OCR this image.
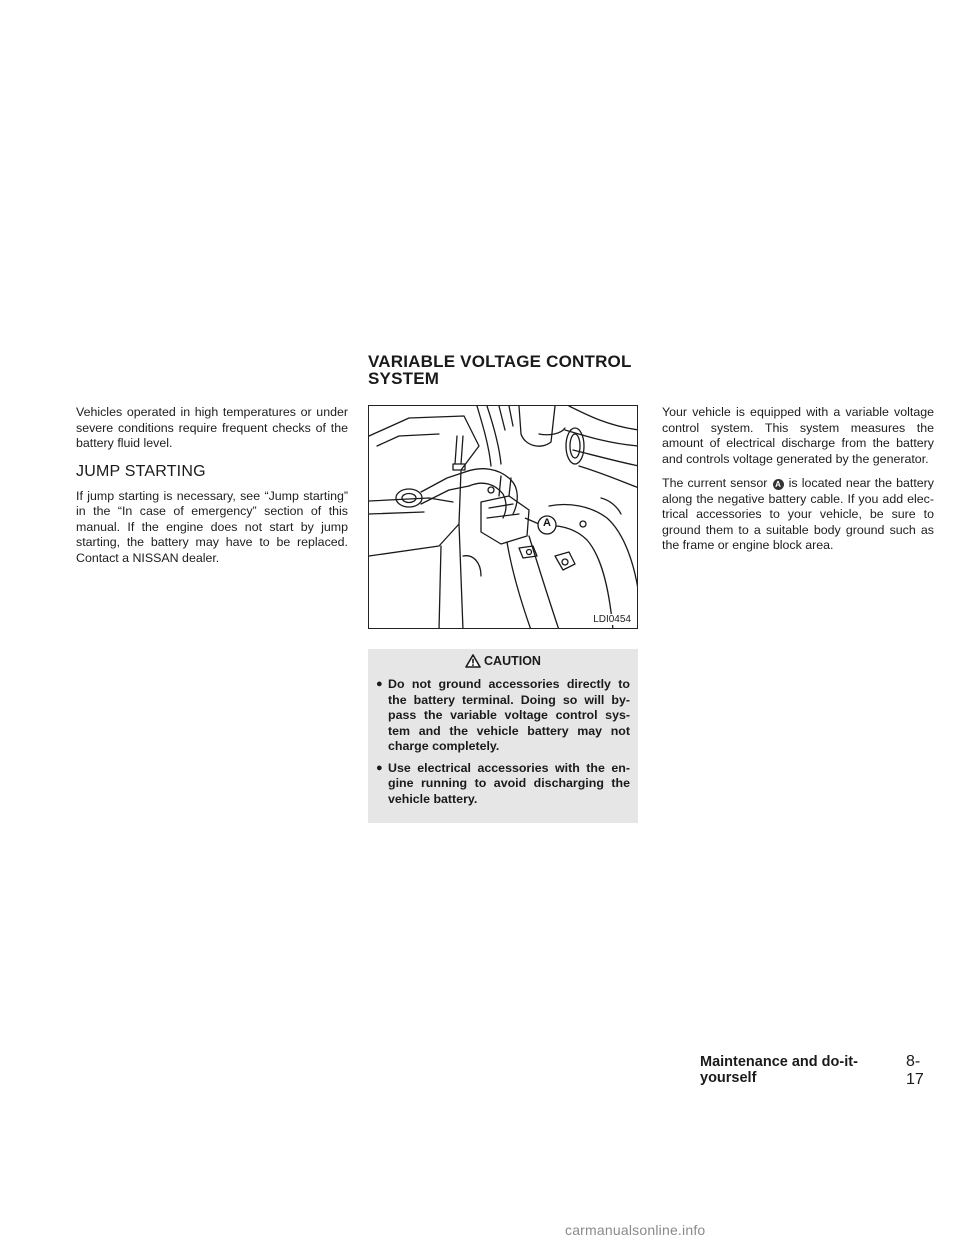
Vehicles operated in high temperatures or under severe conditions require frequent checks of the battery fluid level.

JUMP STARTING

If jump starting is necessary, see “Jump starting” in the “In case of emergency” section of this manual. If the engine does not start by jump starting, the battery may have to be replaced. Contact a NISSAN dealer.

VARIABLE VOLTAGE CONTROL
SYSTEM
A
LDI0454
CAUTION
● Do not ground accessories directly to the battery terminal. Doing so will by-pass the variable voltage control sys-tem and the vehicle battery may not charge completely.
● Use electrical accessories with the en-gine running to avoid discharging the vehicle battery.

Your vehicle is equipped with a variable voltage control system. This system measures the amount of electrical discharge from the battery and controls voltage generated by the generator.

The current sensor A is located near the battery along the negative battery cable. If you add elec-trical accessories to your vehicle, be sure to ground them to a suitable body ground such as the frame or engine block area.

Maintenance and do-it-yourself
8-17
carmanualsonline.info
